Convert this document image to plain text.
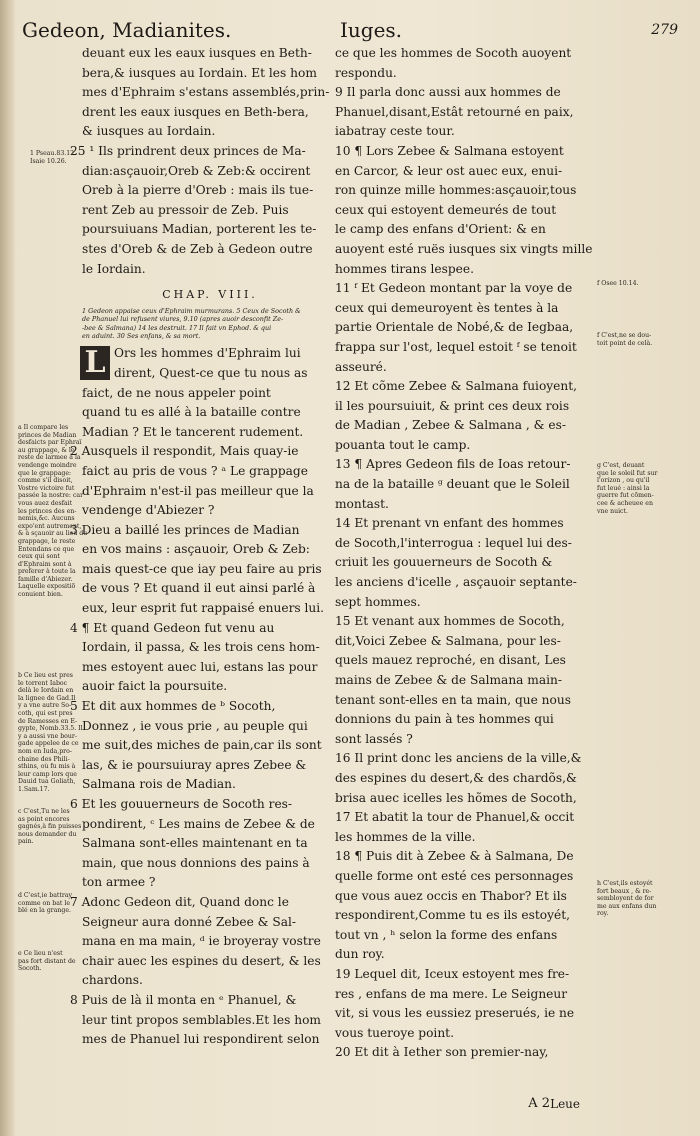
Gedeon, Madianites.	Iuges.	279

deuant eux les eaux iusques en Beth-

bera,& iusques au Iordain. Et les hom

mes d'Ephraim s'estans assemblés,prin-

drent les eaux iusques en Beth-bera,

& iusques au Iordain.

25 ¹ Ils prindrent deux princes de Ma-

dian:asçauoir,Oreb & Zeb:& occirent

Oreb à la pierre d'Oreb : mais ils tue-

rent Zeb au pressoir de Zeb. Puis

poursuiuans Madian, porterent les te-

stes d'Oreb & de Zeb à Gedeon outre

le Iordain.

CHAP. VIII.
1 Gedeon appaise ceux d'Ephraim murmurans. 5 Ceux de Socoth &
de Phanuel lui refusent viures, 9.10 (apres auoir desconfit Ze-
-bee & Salmana) 14 les destruit. 17 Il fait vn Ephod. & qui
en aduint. 30 Ses enfans, & sa mort.
L Ors les hommes d'Ephraim lui

dirent, Quest-ce que tu nous as

faict, de ne nous appeler point

quand tu es allé à la bataille contre

Madian ? Et le tancerent rudement.

2 Ausquels il respondit, Mais quay-ie

faict au pris de vous ? ᵃ Le grappage

d'Ephraim n'est-il pas meilleur que la

vendenge d'Abiezer ?

3 Dieu a baillé les princes de Madian

en vos mains : asçauoir, Oreb & Zeb:

mais quest-ce que iay peu faire au pris

de vous ? Et quand il eut ainsi parlé à

eux, leur esprit fut rappaisé enuers lui.

4 ¶ Et quand Gedeon fut venu au

Iordain, il passa, & les trois cens hom-

mes estoyent auec lui, estans las pour

auoir faict la poursuite.

5 Et dit aux hommes de ᵇ Socoth,

Donnez , ie vous prie , au peuple qui

me suit,des miches de pain,car ils sont

las, & ie poursuiuray apres Zebee &

Salmana rois de Madian.

6 Et les gouuerneurs de Socoth res-

pondirent, ᶜ Les mains de Zebee & de

Salmana sont-elles maintenant en ta

main, que nous donnions des pains à

ton armee ?

7 Adonc Gedeon dit, Quand donc le

Seigneur aura donné Zebee & Sal-

mana en ma main, ᵈ ie broyeray vostre

chair auec les espines du desert, & les

chardons.

8 Puis de là il monta en ᵉ Phanuel, &

leur tint propos semblables.Et les hom

mes de Phanuel lui respondirent selon

ce que les hommes de Socoth auoyent

respondu.

9 Il parla donc aussi aux hommes de

Phanuel,disant,Estât retourné en paix,

iabatray ceste tour.

10 ¶ Lors Zebee & Salmana estoyent

en Carcor, & leur ost auec eux, enui-

ron quinze mille hommes:asçauoir,tous

ceux qui estoyent demeurés de tout

le camp des enfans d'Orient: & en

auoyent esté ruës iusques six vingts mille

hommes tirans lespee.

11 ᶠ Et Gedeon montant par la voye de

ceux qui demeuroyent ès tentes à la

partie Orientale de Nobé,& de Iegbaa,

frappa sur l'ost, lequel estoit ᶠ se tenoit

asseuré.

12 Et cõme Zebee & Salmana fuioyent,

il les poursuiuit, & print ces deux rois

de Madian , Zebee & Salmana , & es-

pouanta tout le camp.

13 ¶ Apres Gedeon fils de Ioas retour-

na de la bataille ᵍ deuant que le Soleil

montast.

14 Et prenant vn enfant des hommes

de Socoth,l'interrogua : lequel lui des-

criuit les gouuerneurs de Socoth &

les anciens d'icelle , asçauoir septante-

sept hommes.

15 Et venant aux hommes de Socoth,

dit,Voici Zebee & Salmana, pour les-

quels mauez reproché, en disant, Les

mains de Zebee & de Salmana main-

tenant sont-elles en ta main, que nous

donnions du pain à tes hommes qui

sont lassés ?

16 Il print donc les anciens de la ville,&

des espines du desert,& des chardõs,&

brisa auec icelles les hõmes de Socoth,

17 Et abatit la tour de Phanuel,& occit

les hommes de la ville.

18 ¶ Puis dit à Zebee & à Salmana, De

quelle forme ont esté ces personnages

que vous auez occis en Thabor? Et ils

respondirent,Comme tu es ils estoyét,

tout vn , ʰ selon la forme des enfans

dun roy.

19 Lequel dit, Iceux estoyent mes fre-

res , enfans de ma mere. Le Seigneur

vit, si vous les eussiez preserués, ie ne

vous tueroye point.

20 Et dit à Iether son premier-nay,

1 Pseau.83.12.
Isaie 10.26.
a Il compare les
princes de Madian
desfaicts par Ephraï
au grappage, & le
reste de larmee à la
vendenge moindre
que le grappage:
comme s'il disoit,
Vostre victoire fut
passée la nostre: car
vous auez desfait
les princes des en-
nemis,&c. Aucuns
expo'ent autrement,
& à sçauoir au lieu du
grappage, le reste
Entendans ce que
ceux qui sont
d'Ephraim sont à
preferer à toute la
famille d'Abiezer.
Laquelle expositiõ
conuient bien.
b Ce lieu est pres
le torrent Iaboc
delà le Iordain en
la lignee de Gad.Il
y a vne autre So-
coth, qui est pres
de Ramesses en E-
gypte, Nomb.33.5. Il
y a aussi vne bour-
gade appelee de ce
nom en Iuda,pro-
chaine des Phili-
sthins, où fu mis à
leur camp lors que
Dauid tua Goliath,
1.Sam.17.
c C'est,Tu ne les
as point encores
gagnés,à fin puisses
nous demander du
pain.
d C'est,ie battray
comme on bat le
blé en la grange.
e Ce lieu n'est
pas fort distant de
Socoth.
f Osee 10.14.
f C'est,ne se dou-
toit point de celà.
g C'est, deuant
que le soleil fut sur
l'orizon , ou qu'il
fut leué : ainsi la
guerre fut cõmen-
cee & acheuee en
vne nuict.
h C'est,ils estoyét
fort beaux , & re-
sembloyent de for
me aux enfans dun
roy.
A 2 Leue
